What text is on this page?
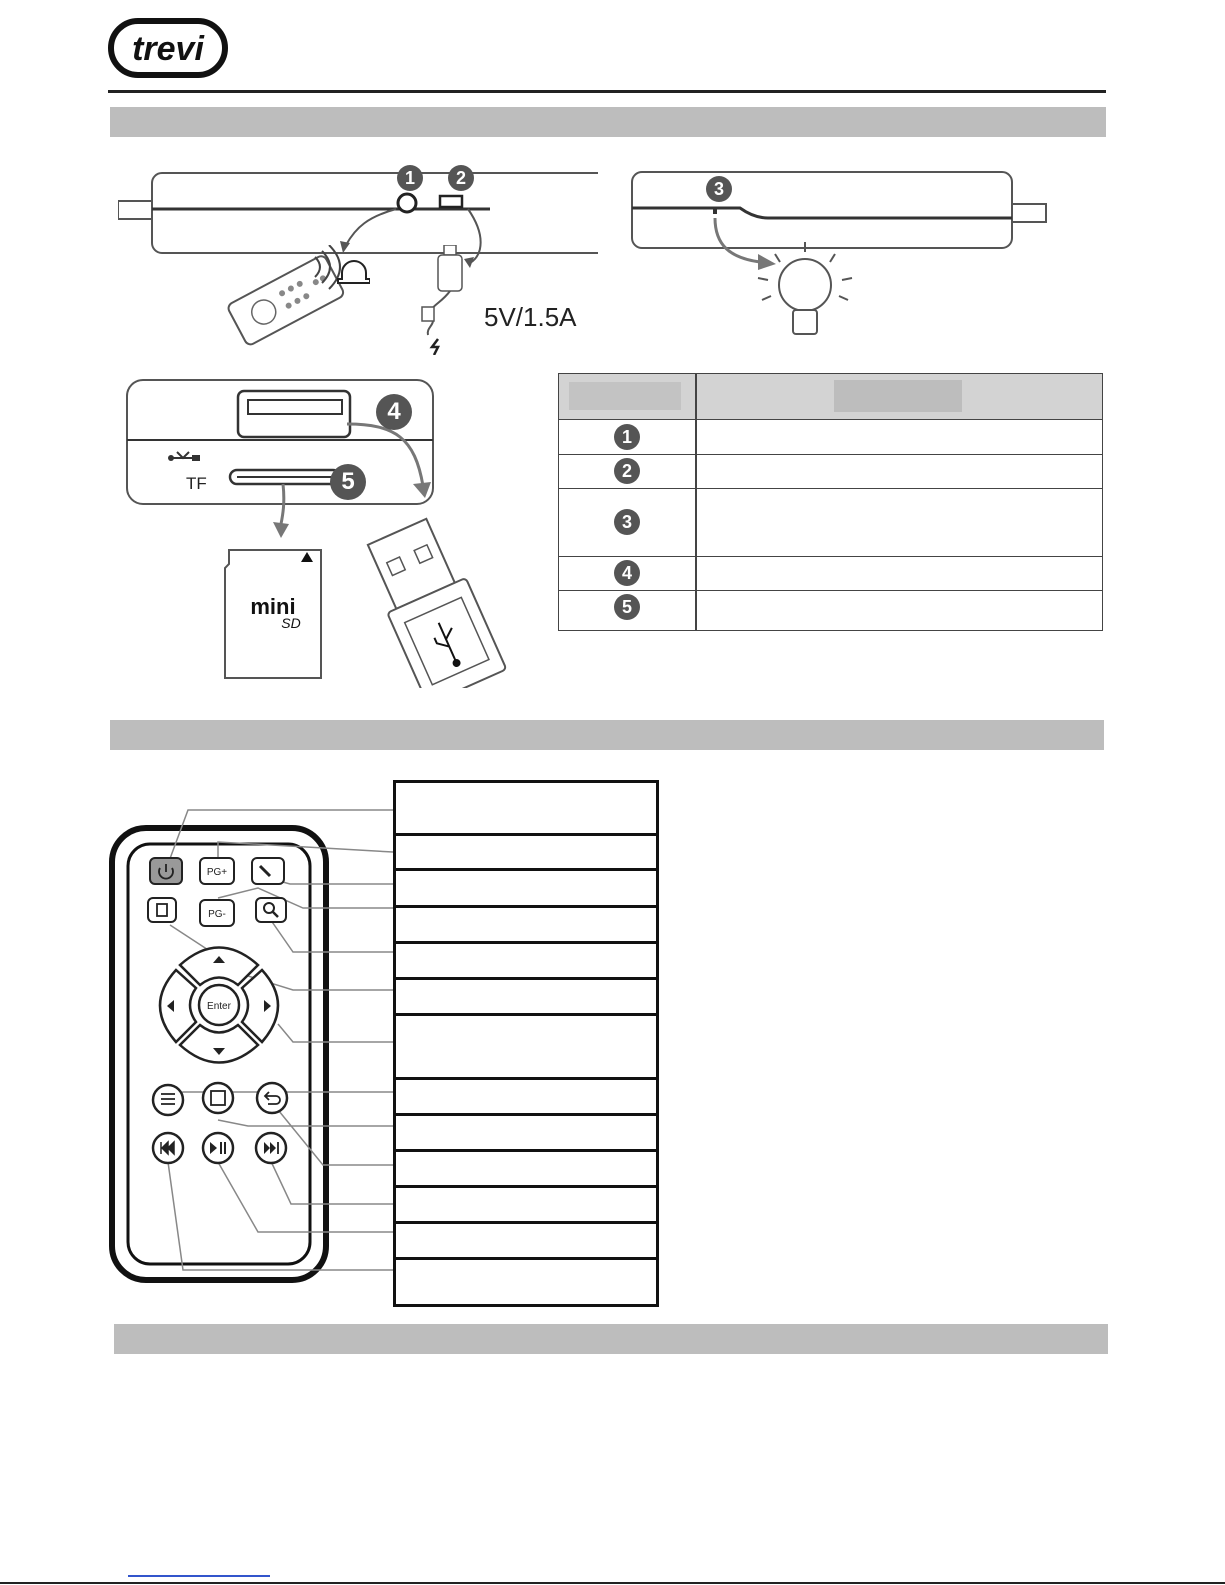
trevi
5V/1.5A
1	2
3
mini
SD
TF
4
5
1
2
3
4
5
PG+
PG-
Enter
